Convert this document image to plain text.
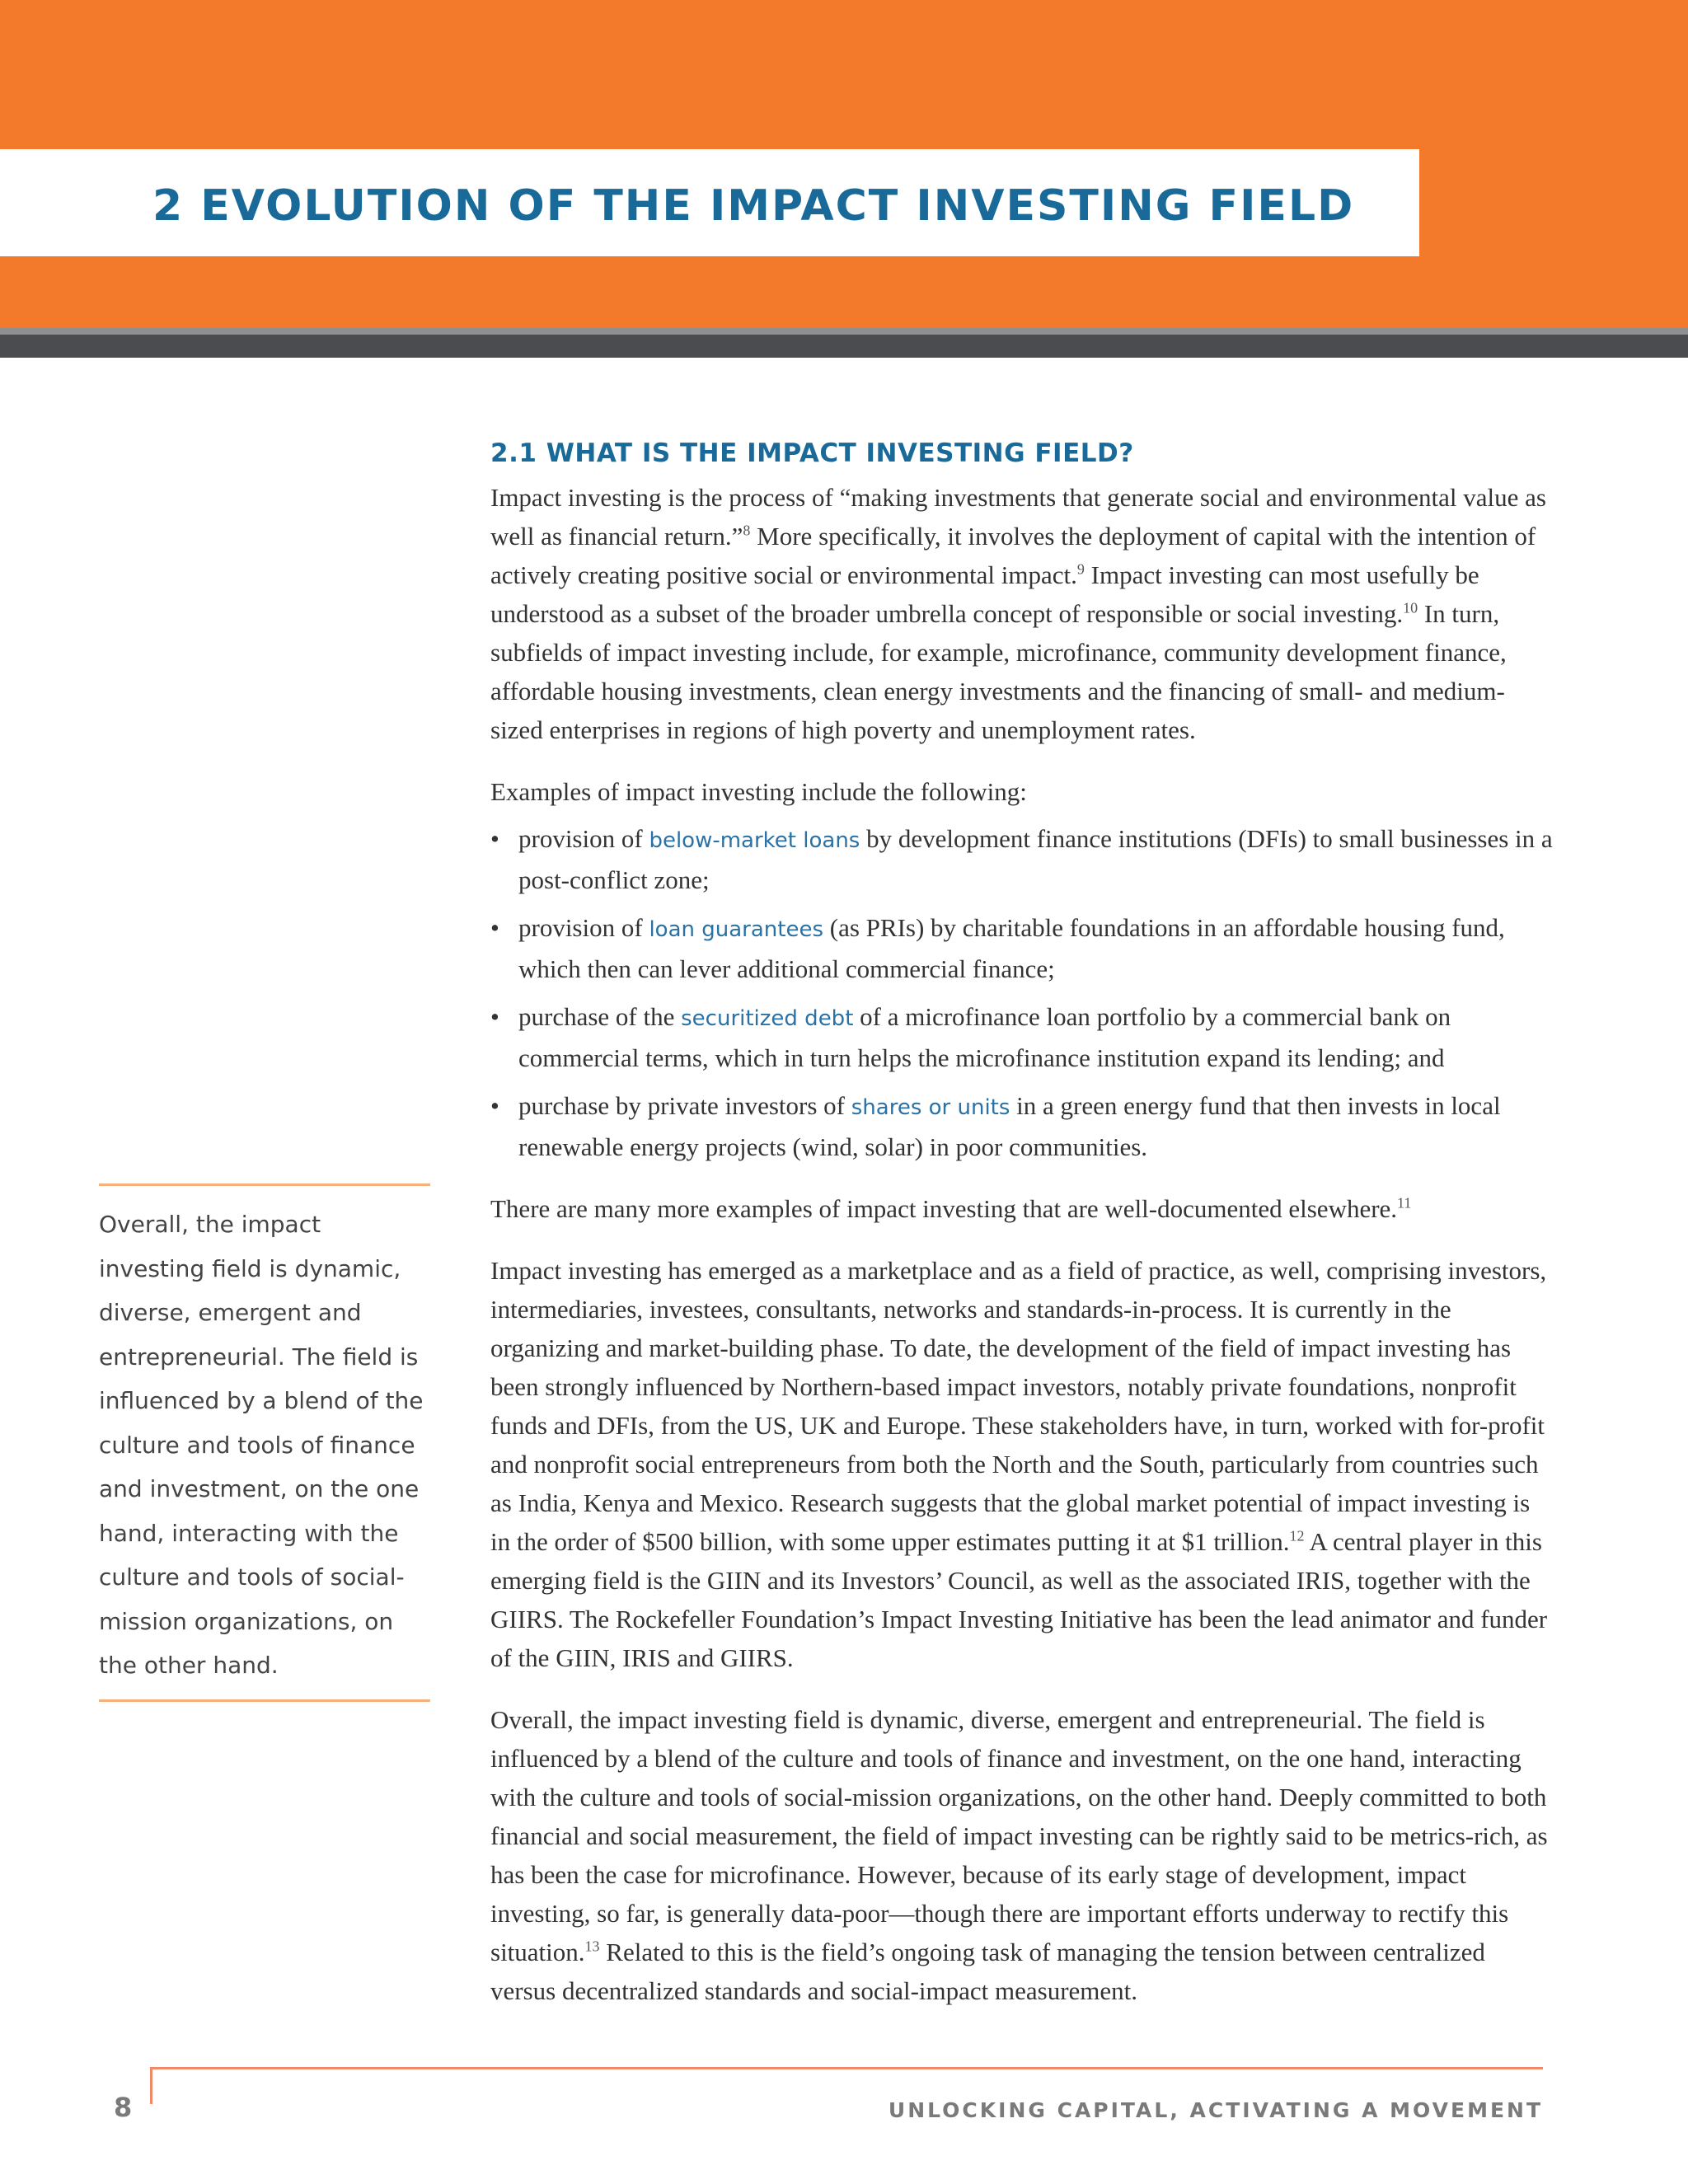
2 EVOLUTION OF THE IMPACT INVESTING FIELD
2.1 WHAT IS THE IMPACT INVESTING FIELD?

Impact investing is the process of “making investments that generate social and environmental value as well as financial return.”$^8$ More specifically, it involves the deployment of capital with the intention of actively creating positive social or environmental impact.$^9$ Impact investing can most usefully be understood as a subset of the broader umbrella concept of responsible or social investing.$^{10}$ In turn, subfields of impact investing include, for example, microfinance, community development finance, affordable housing investments, clean energy investments and the financing of small- and medium-sized enterprises in regions of high poverty and unemployment rates.

Examples of impact investing include the following:

• provision of below-market loans by development finance institutions (DFIs) to small businesses in a post-conflict zone;
• provision of loan guarantees (as PRIs) by charitable foundations in an affordable housing fund, which then can lever additional commercial finance;
• purchase of the securitized debt of a microfinance loan portfolio by a commercial bank on commercial terms, which in turn helps the microfinance institution expand its lending; and
• purchase by private investors of shares or units in a green energy fund that then invests in local renewable energy projects (wind, solar) in poor communities.

There are many more examples of impact investing that are well-documented elsewhere.$^{11}$

Impact investing has emerged as a marketplace and as a field of practice, as well, comprising investors, intermediaries, investees, consultants, networks and standards-in-process. It is currently in the organizing and market-building phase. To date, the development of the field of impact investing has been strongly influenced by Northern-based impact investors, notably private foundations, nonprofit funds and DFIs, from the US, UK and Europe. These stakeholders have, in turn, worked with for-profit and nonprofit social entrepreneurs from both the North and the South, particularly from countries such as India, Kenya and Mexico. Research suggests that the global market potential of impact investing is in the order of $500 billion, with some upper estimates putting it at $1 trillion.$^{12}$ A central player in this emerging field is the GIIN and its Investors’ Council, as well as the associated IRIS, together with the GIIRS. The Rockefeller Foundation’s Impact Investing Initiative has been the lead animator and funder of the GIIN, IRIS and GIIRS.

Overall, the impact investing field is dynamic, diverse, emergent and entrepreneurial. The field is influenced by a blend of the culture and tools of finance and investment, on the one hand, interacting with the culture and tools of social-mission organizations, on the other hand. Deeply committed to both financial and social measurement, the field of impact investing can be rightly said to be metrics-rich, as has been the case for microfinance. However, because of its early stage of development, impact investing, so far, is generally data-poor—though there are important efforts underway to rectify this situation.$^{13}$ Related to this is the field’s ongoing task of managing the tension between centralized versus decentralized standards and social-impact measurement.

Overall, the impact
investing field is dynamic,
diverse, emergent and
entrepreneurial. The field is
influenced by a blend of the
culture and tools of finance
and investment, on the one
hand, interacting with the
culture and tools of social-
mission organizations, on
the other hand.
8	UNLOCKING CAPITAL, ACTIVATING A MOVEMENT
